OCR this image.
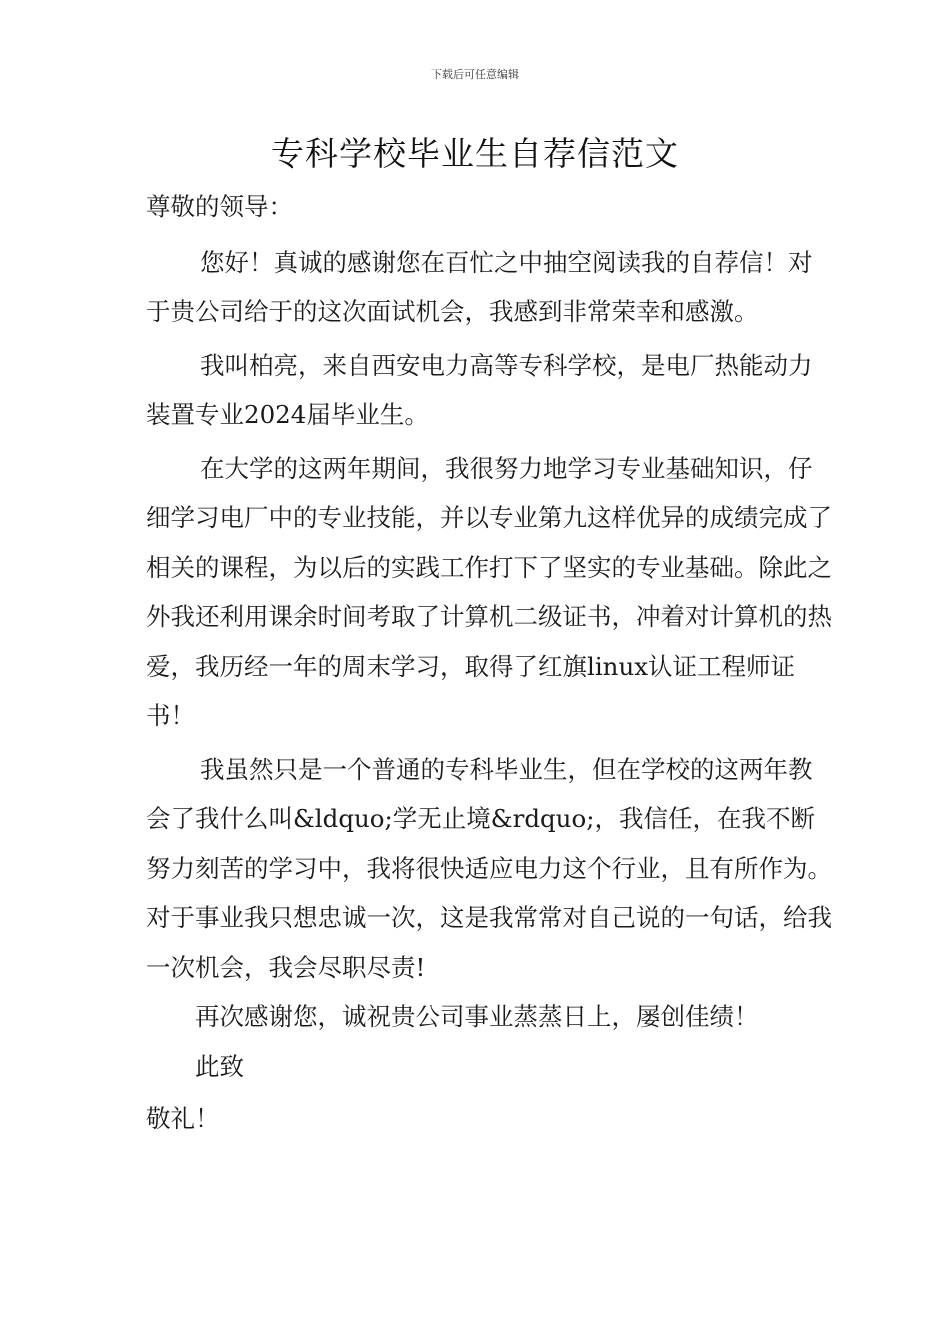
下载后可任意编辑
专科学校毕业生自荐信范文

尊敬的领导：

您好！真诚的感谢您在百忙之中抽空阅读我的自荐信！对于贵公司给于的这次面试机会，我感到非常荣幸和感激。

我叫柏亮，来自西安电力高等专科学校，是电厂热能动力装置专业2024届毕业生。

在大学的这两年期间，我很努力地学习专业基础知识，仔细学习电厂中的专业技能，并以专业第九这样优异的成绩完成了相关的课程，为以后的实践工作打下了坚实的专业基础。除此之外我还利用课余时间考取了计算机二级证书，冲着对计算机的热爱，我历经一年的周末学习，取得了红旗linux认证工程师证书！

我虽然只是一个普通的专科毕业生，但在学校的这两年教会了我什么叫&ldquo;学无止境&rdquo;，我信任，在我不断努力刻苦的学习中，我将很快适应电力这个行业，且有所作为。对于事业我只想忠诚一次，这是我常常对自己说的一句话，给我一次机会，我会尽职尽责!

再次感谢您，诚祝贵公司事业蒸蒸日上，屡创佳绩！

此致

敬礼！
